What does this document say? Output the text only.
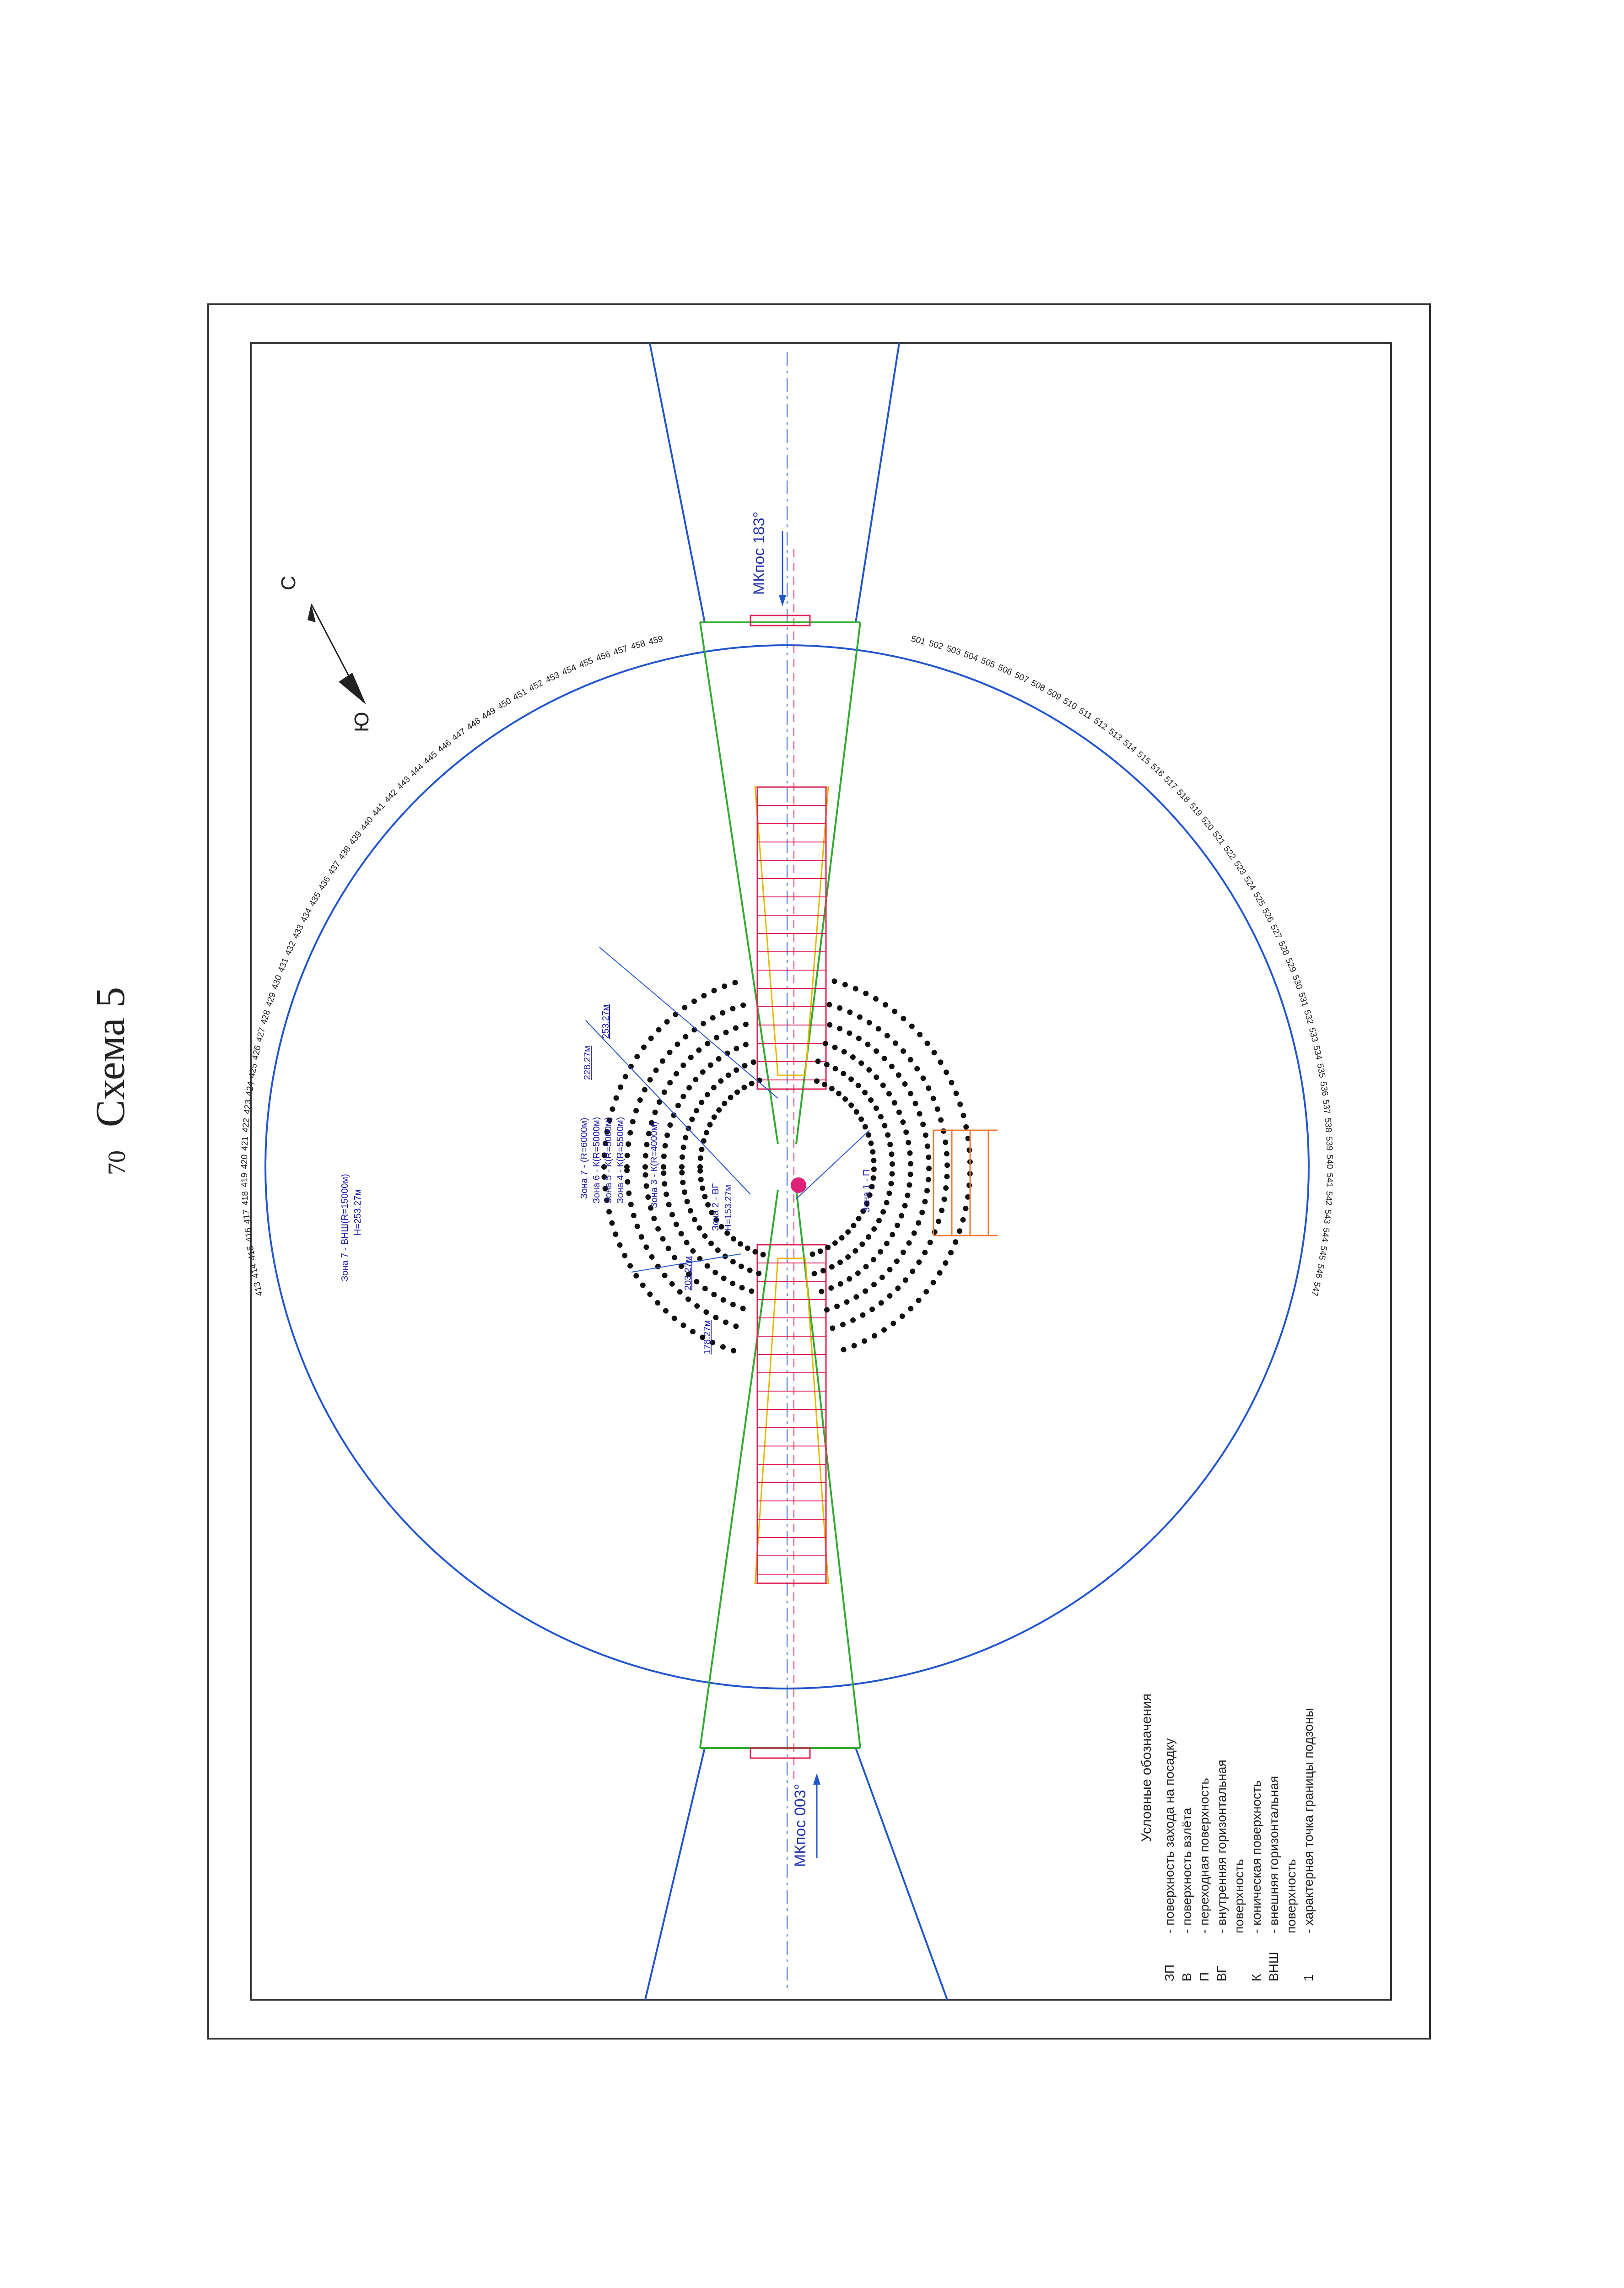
70
Схема 5
Зона 7 - ВНШ(R=15000м) H=253.27м	Зона 1 - П
Зона 2 - ВГ H=153.27м
Зона 7 - (R=6000м) Зона 6 - К(R=5000м) Зона 5 - К(R=5000м) Зона 4 - К(R=5500м)	Зона 3 - К(R=4000м)
228.27м
253.27м
178.27м
203.27м
МКпос 183°
МКпос 003°
С
Ю
413
414
415
416
417
418
419
420
421
422
423
424
425
426
427
428
429
430
431
432
433
434
435
436
437
438
439
440
441
442
443
444
445
446
447
448
449
450
451
452
453
454 455 456 457 458 459	501 502 503 504 505 506
507
508
509
510
511
512
513
514
515
516
517
518
519
520
521
522
523
524
525
526
527
528
529
530
531
532
533
534
535
536
537
538
539
540
541
542
543
544
545
546
547
Условные обозначения
ЗП
- поверхность захода на посадку
В
- поверхность взлёта
П
- переходная поверхность
ВГ
- внутренняя горизонтальная поверхность
К
- коническая поверхность
ВНШ
- внешняя горизонтальная поверхность
1
- характерная точка границы подзоны
